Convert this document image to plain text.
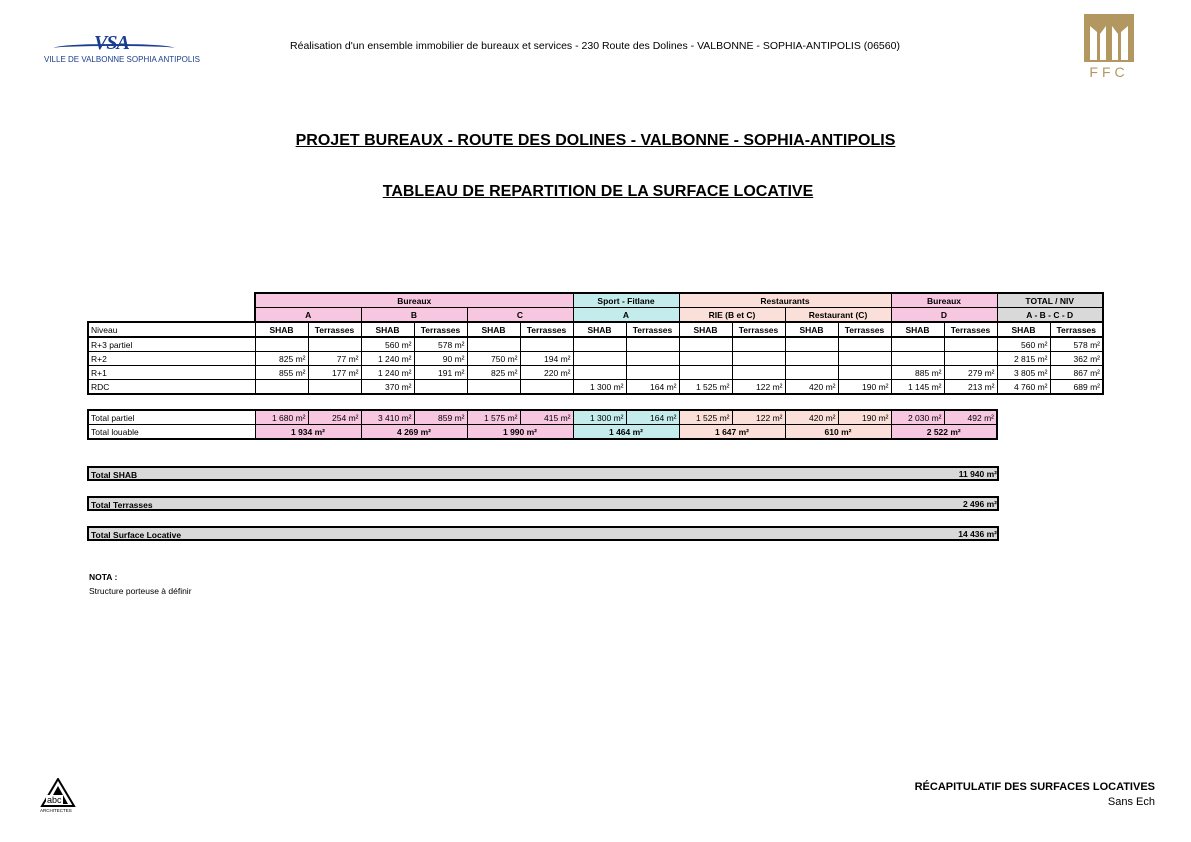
VSA
VILLE DE VALBONNE SOPHIA ANTIPOLIS
Réalisation d'un ensemble immobilier de bureaux et services - 230 Route des Dolines - VALBONNE - SOPHIA-ANTIPOLIS (06560)
FFC
PROJET BUREAUX - ROUTE DES DOLINES - VALBONNE - SOPHIA-ANTIPOLIS
TABLEAU DE REPARTITION DE LA SURFACE LOCATIVE
	Bureaux						Sport - Fitlane		Restaurants				Bureaux		TOTAL / NIV	
	A		B		C		A		RIE (B et C)		Restaurant (C)		D		A - B - C - D	
Niveau	SHAB	Terrasses	SHAB	Terrasses	SHAB	Terrasses	SHAB	Terrasses	SHAB	Terrasses	SHAB	Terrasses	SHAB	Terrasses	SHAB	Terrasses
R+3 partiel			560 m²	578 m²											560 m²	578 m²
R+2	825 m²	77 m²	1 240 m²	90 m²	750 m²	194 m²									2 815 m²	362 m²
R+1	855 m²	177 m²	1 240 m²	191 m²	825 m²	220 m²							885 m²	279 m²	3 805 m²	867 m²
RDC			370 m²				1 300 m²	164 m²	1 525 m²	122 m²	420 m²	190 m²	1 145 m²	213 m²	4 760 m²	689 m²
Total partiel	1 680 m²	254 m²	3 410 m²	859 m²	1 575 m²	415 m²	1 300 m²	164 m²	1 525 m²	122 m²	420 m²	190 m²	2 030 m²	492 m²
Total louable	1 934 m²		4 269 m²		1 990 m²		1 464 m²		1 647 m²		610 m²		2 522 m²	
Total SHAB	11 940 m²
Total Terrasses	2 496 m²
Total Surface Locative	14 436 m²
NOTA :
Structure porteuse à définir
abc
ARCHITECTES
RÉCAPITULATIF DES SURFACES LOCATIVES
Sans Ech
